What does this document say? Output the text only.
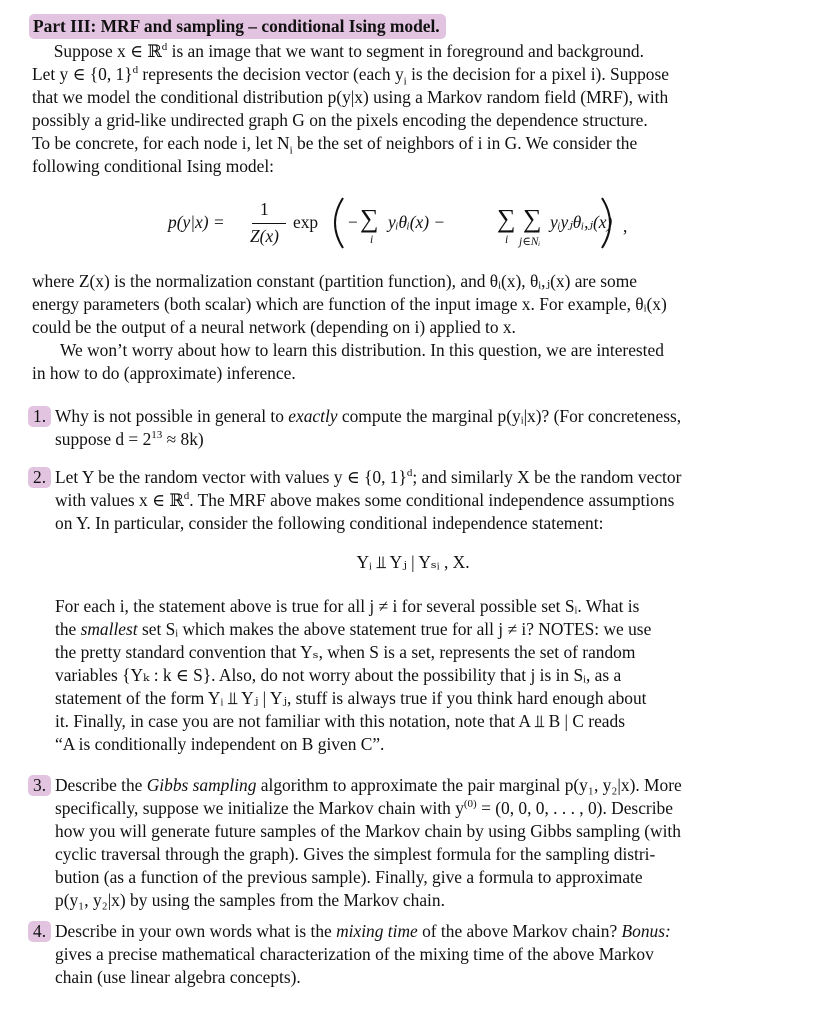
Part III: MRF and sampling – conditional Ising model.

Suppose x ∈ ℝ$^d$ is an image that we want to segment in foreground and background.

Let y ∈ {0, 1}$^d$ represents the decision vector (each $y_i$ is the decision for a pixel i). Suppose

that we model the conditional distribution p(y|x) using a Markov random field (MRF), with

possibly a grid-like undirected graph G on the pixels encoding the dependence structure.

To be concrete, for each node i, let $N_i$ be the set of neighbors of i in G. We consider the

following conditional Ising model:

p(y|x) =
1
Z(x)
exp − ∑
i
yᵢθᵢ(x) − ∑
i
∑
j∈Nᵢ
yᵢyⱼθᵢ,ⱼ(x) ,

where Z(x) is the normalization constant (partition function), and θᵢ(x), θᵢ,ⱼ(x) are some

energy parameters (both scalar) which are function of the input image x. For example, θᵢ(x)

could be the output of a neural network (depending on i) applied to x.

We won’t worry about how to learn this distribution. In this question, we are interested

in how to do (approximate) inference.

1. Why is not possible in general to exactly compute the marginal p(yᵢ|x)? (For concreteness,

suppose $d = 2^{13} \approx 8k$)

2. Let Y be the random vector with values y ∈ {0, 1}$^d$; and similarly X be the random vector

with values x ∈ ℝ$^d$. The MRF above makes some conditional independence assumptions

on Y. In particular, consider the following conditional independence statement:

Yᵢ ⫫ Yⱼ | Yₛᵢ , X.

For each i, the statement above is true for all j ≠ i for several possible set Sᵢ. What is

the smallest set Sᵢ which makes the above statement true for all j ≠ i? NOTES: we use

the pretty standard convention that Yₛ, when S is a set, represents the set of random

variables {Yₖ : k ∈ S}. Also, do not worry about the possibility that j is in Sᵢ, as a

statement of the form Yᵢ ⫫ Yⱼ | Yⱼ, stuff is always true if you think hard enough about

it. Finally, in case you are not familiar with this notation, note that A ⫫ B | C reads

“A is conditionally independent on B given C”.

3. Describe the Gibbs sampling algorithm to approximate the pair marginal p(y₁, y₂|x). More

specifically, suppose we initialize the Markov chain with $y^{(0)} = (0$, 0, 0, . . . , 0). Describe

how you will generate future samples of the Markov chain by using Gibbs sampling (with

cyclic traversal through the graph). Gives the simplest formula for the sampling distri-

bution (as a function of the previous sample). Finally, give a formula to approximate

p(y₁, y₂|x) by using the samples from the Markov chain.

4. Describe in your own words what is the mixing time of the above Markov chain? Bonus:

gives a precise mathematical characterization of the mixing time of the above Markov

chain (use linear algebra concepts).
